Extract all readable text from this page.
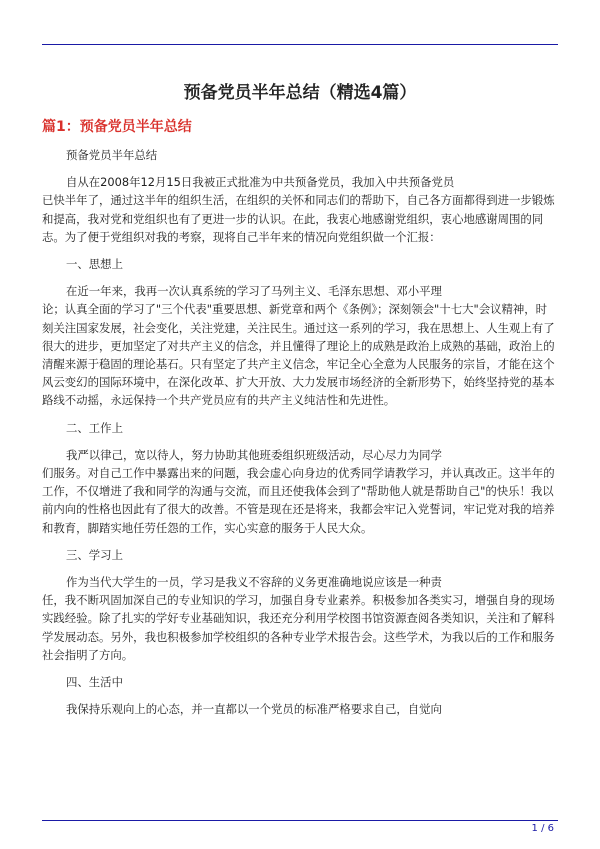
预备党员半年总结（精选4篇）
篇1：预备党员半年总结

预备党员半年总结

自从在2008年12月15日我被正式批准为中共预备党员，我加入中共预备党员

已快半年了，通过这半年的组织生活，在组织的关怀和同志们的帮助下，自己各方面都得到进一步锻炼和提高，我对党和党组织也有了更进一步的认识。在此，我衷心地感谢党组织，衷心地感谢周围的同志。为了便于党组织对我的考察，现将自己半年来的情况向党组织做一个汇报：

一、思想上

在近一年来，我再一次认真系统的学习了马列主义、毛泽东思想、邓小平理

论；认真全面的学习了"三个代表"重要思想、新党章和两个《条例》；深刻领会"十七大"会议精神，时刻关注国家发展，社会变化，关注党建，关注民生。通过这一系列的学习，我在思想上、人生观上有了很大的进步，更加坚定了对共产主义的信念，并且懂得了理论上的成熟是政治上成熟的基础，政治上的清醒来源于稳固的理论基石。只有坚定了共产主义信念，牢记全心全意为人民服务的宗旨，才能在这个风云变幻的国际环境中，在深化改革、扩大开放、大力发展市场经济的全新形势下，始终坚持党的基本路线不动摇，永远保持一个共产党员应有的共产主义纯洁性和先进性。

二、工作上

我严以律己，宽以待人，努力协助其他班委组织班级活动，尽心尽力为同学

们服务。对自己工作中暴露出来的问题，我会虚心向身边的优秀同学请教学习，并认真改正。这半年的工作，不仅增进了我和同学的沟通与交流，而且还使我体会到了"帮助他人就是帮助自己"的快乐！我以前内向的性格也因此有了很大的改善。不管是现在还是将来，我都会牢记入党誓词，牢记党对我的培养和教育，脚踏实地任劳任怨的工作，实心实意的服务于人民大众。

三、学习上

作为当代大学生的一员，学习是我义不容辞的义务更准确地说应该是一种责

任，我不断巩固加深自己的专业知识的学习，加强自身专业素养。积极参加各类实习，增强自身的现场实践经验。除了扎实的学好专业基础知识，我还充分利用学校图书馆资源查阅各类知识，关注和了解科学发展动态。另外，我也积极参加学校组织的各种专业学术报告会。这些学术，为我以后的工作和服务社会指明了方向。

四、生活中

我保持乐观向上的心态，并一直都以一个党员的标准严格要求自己，自觉向

1 / 6
